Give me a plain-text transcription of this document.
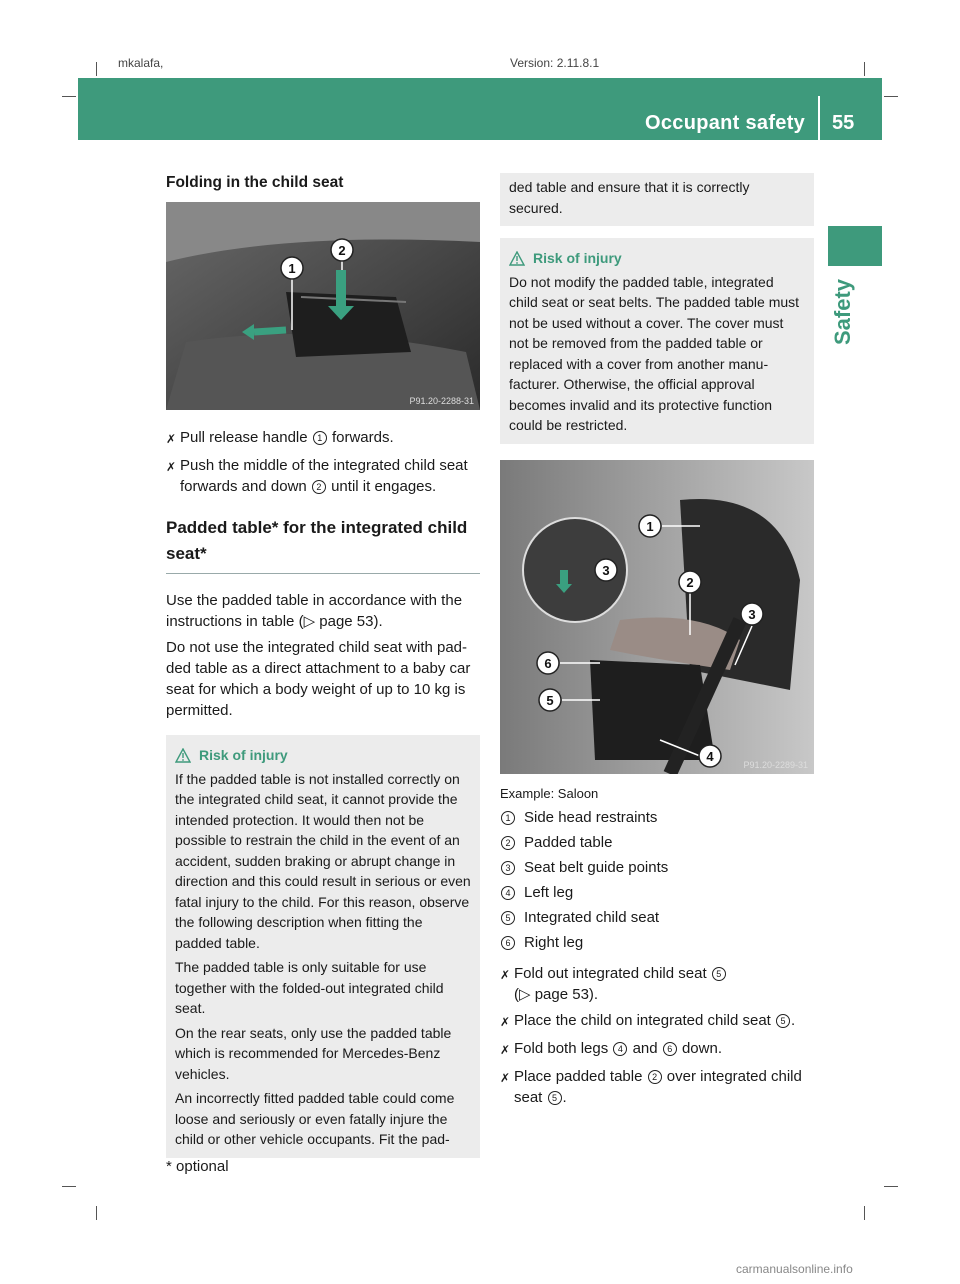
mkalafa,	Version: 2.11.8.1
Occupant safety 55
Safety
Folding in the child seat
1
2
P91.20-2288-31
✗ Pull release handle 1 forwards.
✗ Push the middle of the integrated child seat forwards and down 2 until it engages.
Padded table* for the integrated child seat*

Use the padded table in accordance with the instructions in table (▷ page 53).

Do not use the integrated child seat with pad- ded table as a direct attachment to a baby car seat for which a body weight of up to 10 kg is permitted.

Risk of injury

If the padded table is not installed correctly on the integrated child seat, it cannot provide the intended protection. It would then not be possible to restrain the child in the event of an accident, sudden braking or abrupt change in direction and this could result in serious or even fatal injury to the child. For this reason, observe the following description when fitting the padded table.

The padded table is only suitable for use together with the folded-out integrated child seat.

On the rear seats, only use the padded table which is recommended for Mercedes-Benz vehicles.

An incorrectly fitted padded table could come loose and seriously or even fatally injure the child or other vehicle occupants. Fit the pad-

ded table and ensure that it is correctly secured.

Risk of injury

Do not modify the padded table, integrated child seat or seat belts. The padded table must not be used without a cover. The cover must not be removed from the padded table or replaced with a cover from another manu- facturer. Otherwise, the official approval becomes invalid and its protective function could be restricted.

1
2
3
3
4
5
6
P91.20-2289-31
Example: Saloon
1 Side head restraints
2 Padded table
3 Seat belt guide points
4 Left leg
5 Integrated child seat
6 Right leg
✗ Fold out integrated child seat 5
(▷ page 53).
✗ Place the child on integrated child seat 5 .
✗ Fold both legs 4 and 6 down.
✗ Place padded table 2 over integrated child seat 5 .
* optional
carmanualsonline.info
